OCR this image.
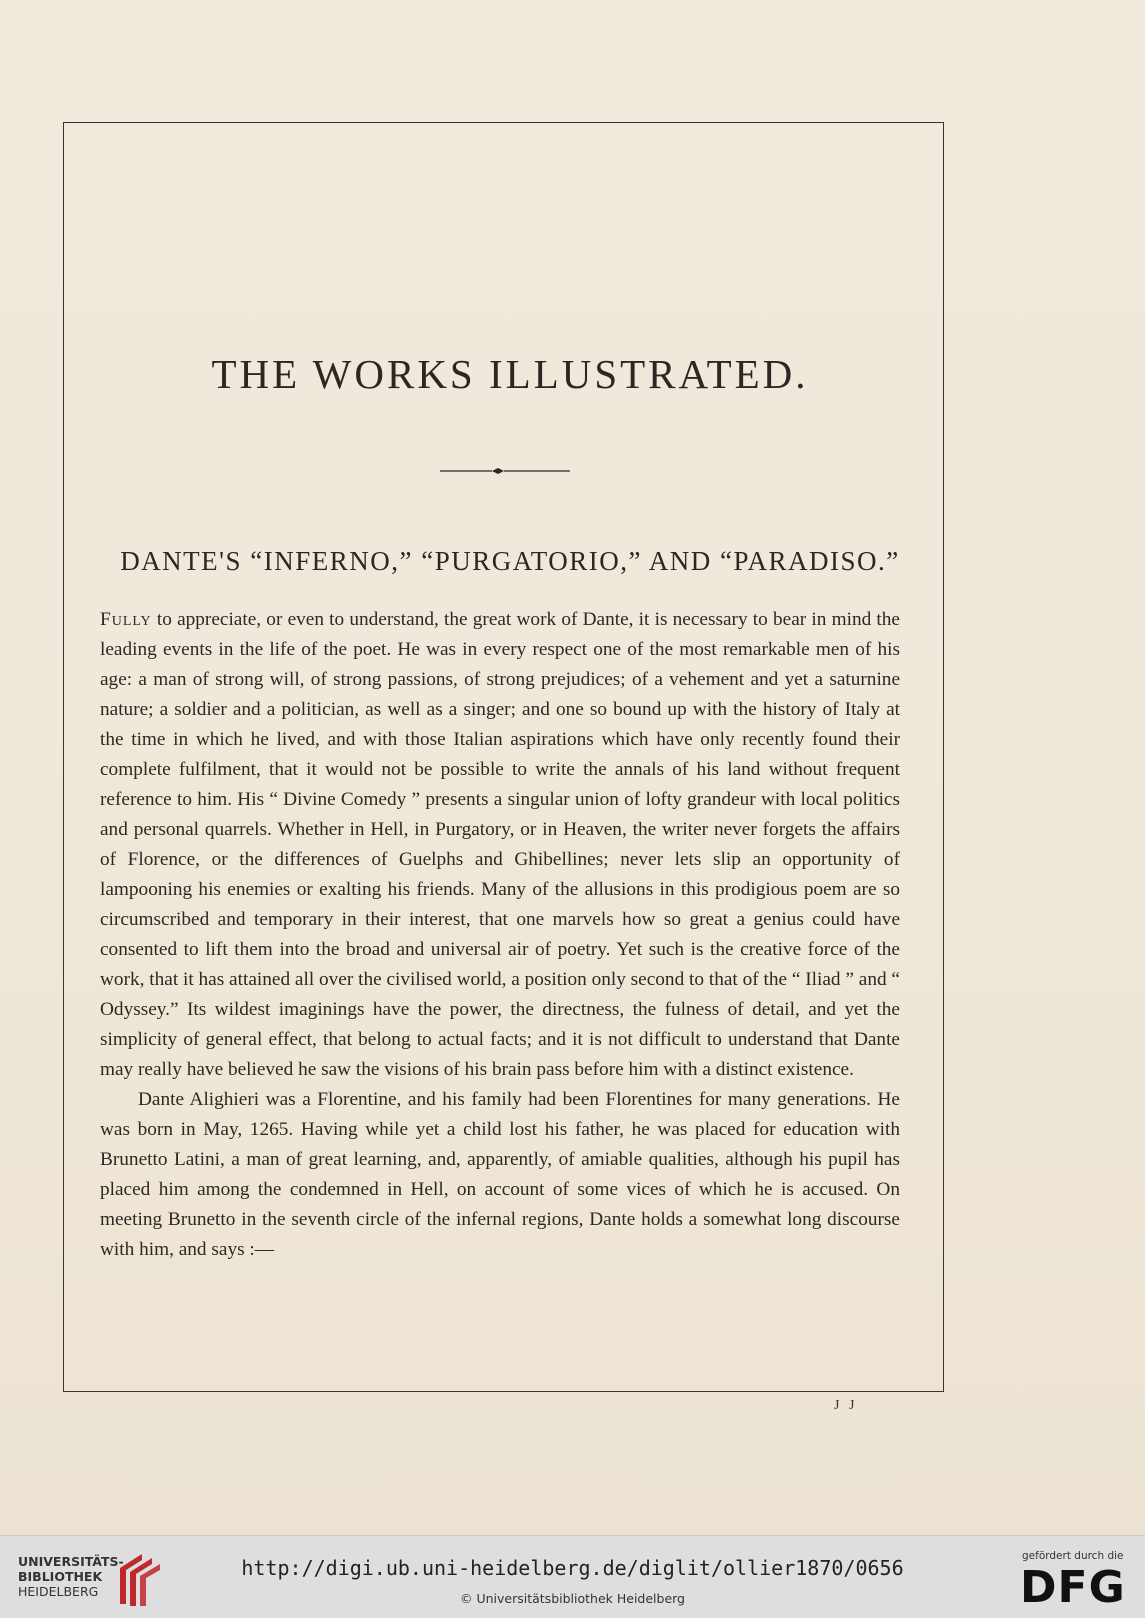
THE WORKS ILLUSTRATED.
DANTE'S “INFERNO,” “PURGATORIO,” AND “PARADISO.”

Fully to appreciate, or even to understand, the great work of Dante, it is necessary to bear in mind the leading events in the life of the poet. He was in every respect one of the most remarkable men of his age: a man of strong will, of strong passions, of strong prejudices; of a vehement and yet a saturnine nature; a soldier and a politician, as well as a singer; and one so bound up with the history of Italy at the time in which he lived, and with those Italian aspirations which have only recently found their complete fulfilment, that it would not be possible to write the annals of his land without frequent reference to him. His “ Divine Comedy ” presents a singular union of lofty grandeur with local politics and personal quarrels. Whether in Hell, in Purgatory, or in Heaven, the writer never forgets the affairs of Florence, or the differences of Guelphs and Ghibellines; never lets slip an opportunity of lampooning his enemies or exalting his friends. Many of the allusions in this prodigious poem are so circumscribed and temporary in their interest, that one marvels how so great a genius could have consented to lift them into the broad and universal air of poetry. Yet such is the creative force of the work, that it has attained all over the civilised world, a position only second to that of the “ Iliad ” and “ Odyssey.” Its wildest imaginings have the power, the directness, the fulness of detail, and yet the simplicity of general effect, that belong to actual facts; and it is not difficult to understand that Dante may really have believed he saw the visions of his brain pass before him with a distinct existence.

Dante Alighieri was a Florentine, and his family had been Florentines for many generations. He was born in May, 1265. Having while yet a child lost his father, he was placed for education with Brunetto Latini, a man of great learning, and, apparently, of amiable qualities, although his pupil has placed him among the condemned in Hell, on account of some vices of which he is accused. On meeting Brunetto in the seventh circle of the infernal regions, Dante holds a somewhat long discourse with him, and says :—

J J
UNIVERSITÄTS-
BIBLIOTHEK
HEIDELBERG
http://digi.ub.uni-heidelberg.de/diglit/ollier1870/0656
© Universitätsbibliothek Heidelberg
gefördert durch die
DFG
